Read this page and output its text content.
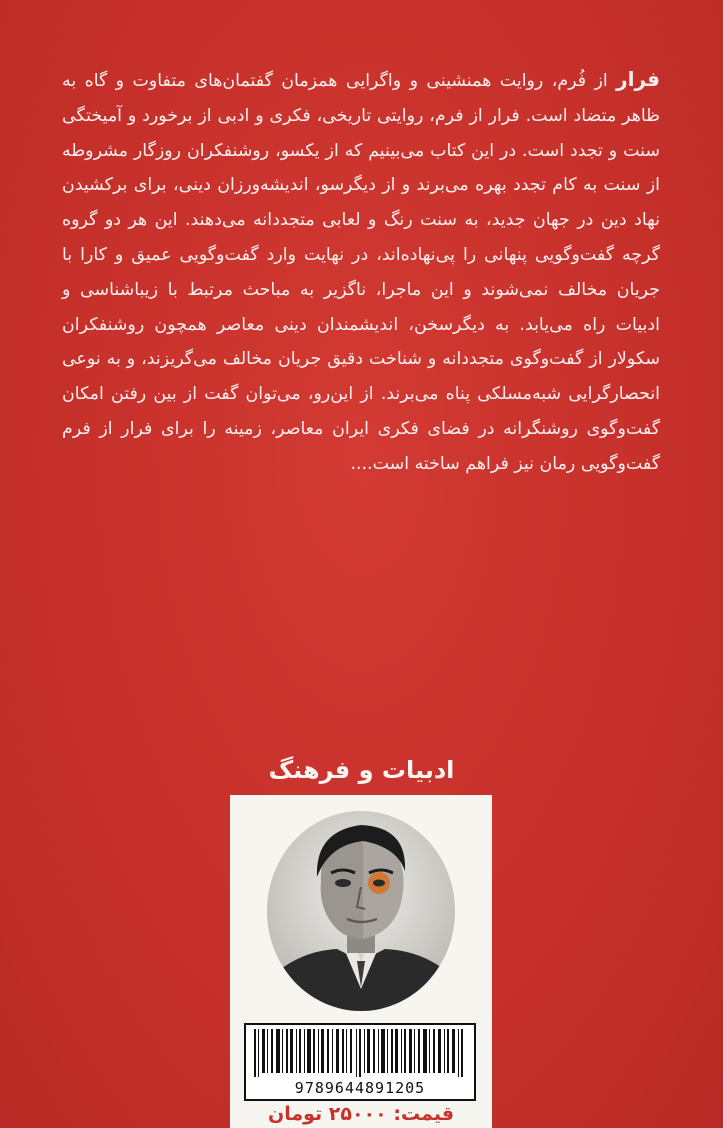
فرار از فُرم، روایت همنشینی و واگرایی همزمان گفتمان‌های متفاوت و گاه به ظاهر متضاد است. فرار از فرم، روایتی تاریخی، فکری و ادبی از برخورد و آمیختگی سنت و تجدد است. در این کتاب می‌بینیم که از یکسو، روشنفکران روزگار مشروطه از سنت به کام تجدد بهره می‌برند و از دیگرسو، اندیشه‌ورزان دینی، برای برکشیدن نهاد دین در جهان جدید، به سنت رنگ و لعابی متجددانه می‌دهند. این هر دو گروه گرچه گفت‌وگویی پنهانی را پی‌نهاده‌اند، در نهایت وارد گفت‌وگویی عمیق و کارا با جریان مخالف نمی‌شوند و این ماجرا، ناگزیر به مباحث مرتبط با زیباشناسی و ادبیات راه می‌یابد. به دیگرسخن، اندیشمندان دینی معاصر همچون روشنفکران سکولار از گفت‌وگوی متجددانه و شناخت دقیق جریان مخالف می‌گریزند، و به نوعی انحصارگرایی شبه‌مسلکی پناه می‌برند. از این‌رو، می‌توان گفت از بین رفتن امکان گفت‌وگوی روشنگرانه در فضای فکری ایران معاصر، زمینه را برای فرار از فرم گفت‌وگویی رمان نیز فراهم ساخته است....
ادبیات و فرهنگ
9789644891205
قیمت: ۲۵۰۰۰ تومان
